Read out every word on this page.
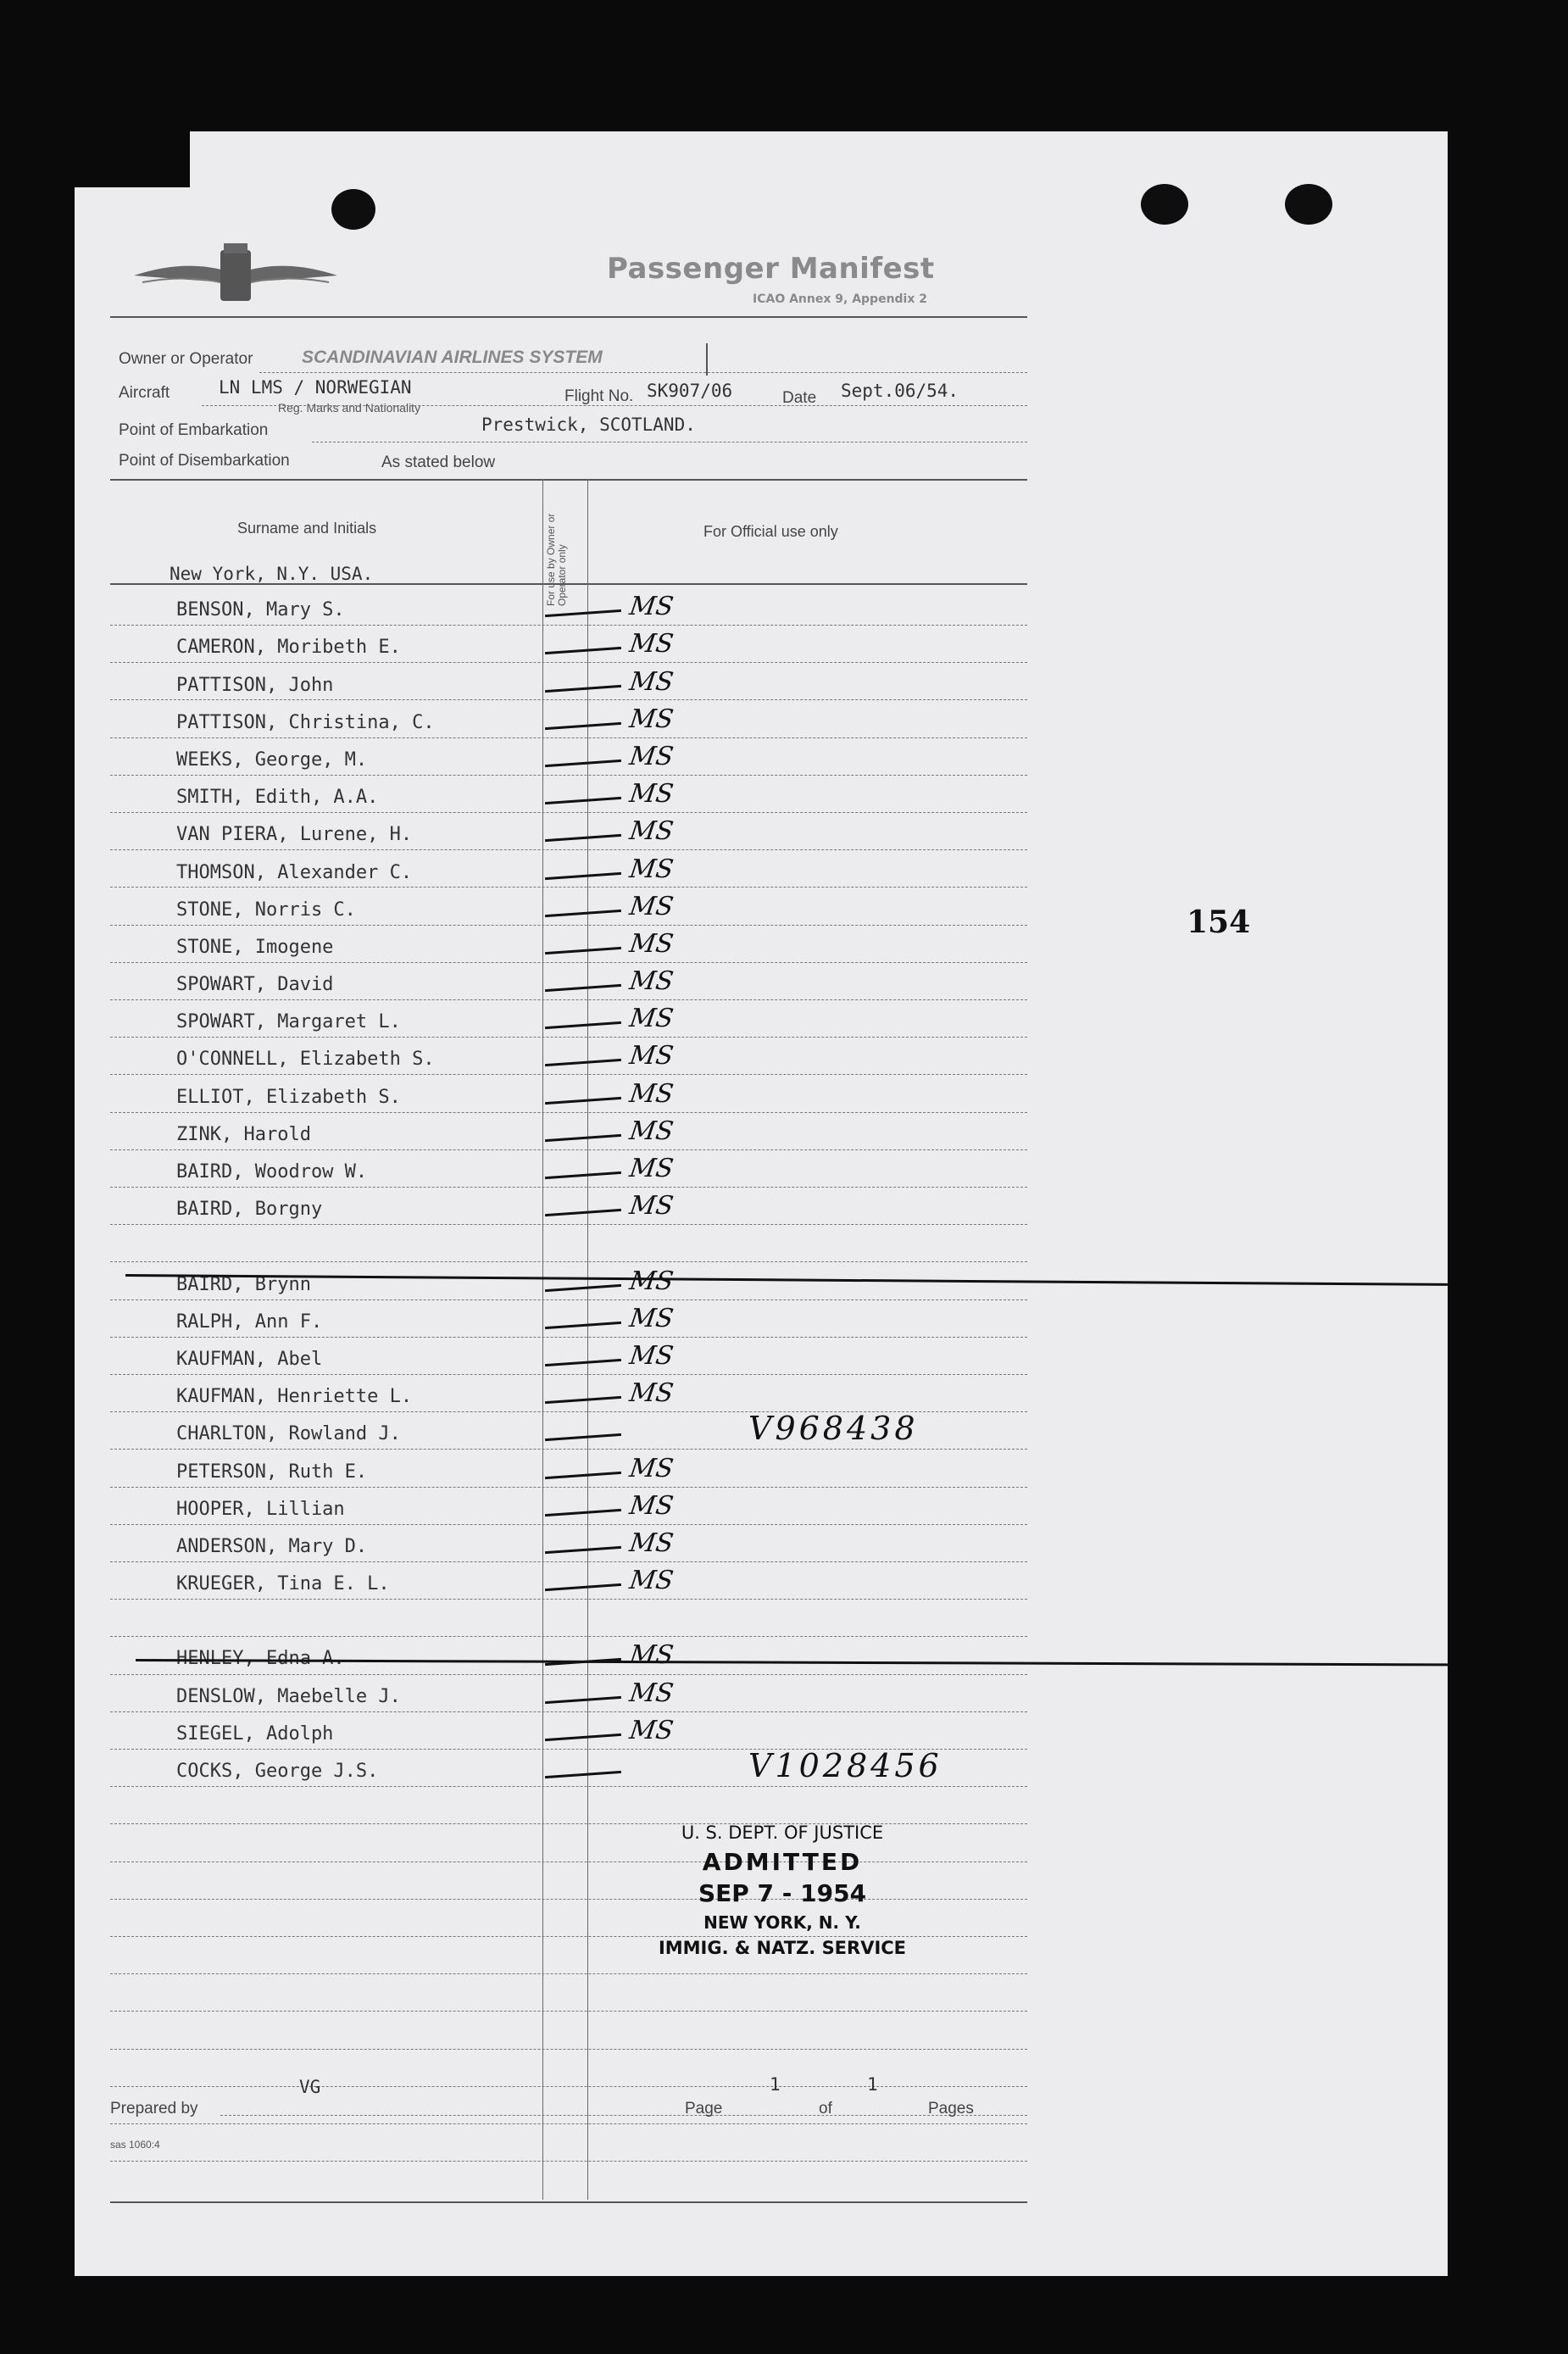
Passenger Manifest
ICAO Annex 9, Appendix 2
Owner or Operator	SCANDINAVIAN AIRLINES SYSTEM
Aircraft	LN LMS / NORWEGIAN
Reg. Marks and Nationality
Flight No. SK907/06	Date Sept.06/54.
Point of Embarkation	Prestwick, SCOTLAND.
Point of Disembarkation	As stated below
Surname and Initials	For use by Owner or Operator only
For Official use only
New York, N.Y. USA.
BENSON, Mary S.	MS
CAMERON, Moribeth E.	MS
PATTISON, John	MS
PATTISON, Christina, C.	MS
WEEKS, George, M.	MS
SMITH, Edith, A.A.	MS
VAN PIERA, Lurene, H.	MS
THOMSON, Alexander C.	MS
STONE, Norris C.	MS
STONE, Imogene	MS
SPOWART, David	MS
SPOWART, Margaret L.	MS
O'CONNELL, Elizabeth S.	MS
ELLIOT, Elizabeth S.	MS
ZINK, Harold	MS
BAIRD, Woodrow W.	MS
BAIRD, Borgny	MS
BAIRD, Brynn	MS
RALPH, Ann F.	MS
KAUFMAN, Abel	MS
KAUFMAN, Henriette L.	MS
CHARLTON, Rowland J.	V968438
PETERSON, Ruth E.	MS
HOOPER, Lillian	MS
ANDERSON, Mary D.	MS
KRUEGER, Tina E. L.	MS
HENLEY, Edna A.	MS
DENSLOW, Maebelle J.	MS
SIEGEL, Adolph	MS
COCKS, George J.S.	V1028456
U. S. DEPT. OF JUSTICE
ADMITTED
SEP 7 - 1954
NEW YORK, N. Y.
IMMIG. & NATZ. SERVICE
154
VG
Prepared by
1
Page	of
1
Pages
sas 1060:4
